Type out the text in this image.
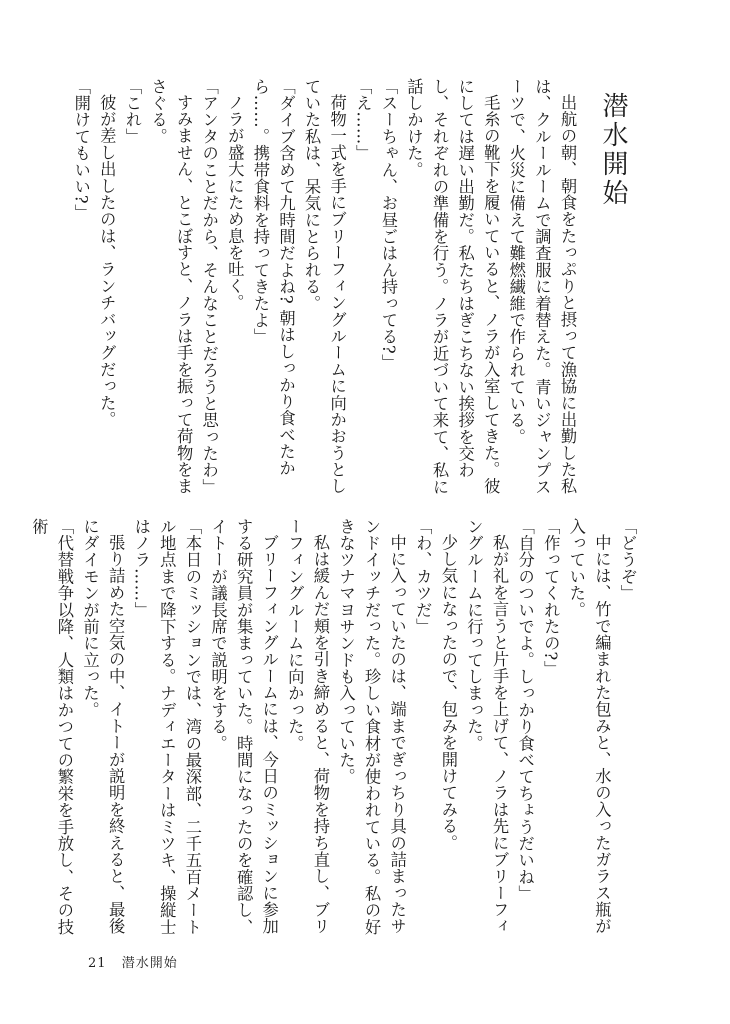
潜水開始

出航の朝、朝食をたっぷりと摂って漁協に出勤した私は、クルールームで調査服に着替えた。青いジャンプスーツで、火災に備えて難燃繊維で作られている。

毛糸の靴下を履いていると、ノラが入室してきた。彼にしては遅い出勤だ。私たちはぎこちない挨拶を交わし、それぞれの準備を行う。ノラが近づいて来て、私に話しかけた。

「スーちゃん、お昼ごはん持ってる?」

「え……」

荷物一式を手にブリーフィングルームに向かおうとしていた私は、呆気にとられる。

「ダイブ含めて九時間だよね? 朝はしっかり食べたから……。携帯食料を持ってきたよ」

ノラが盛大にため息を吐く。

「アンタのことだから、そんなことだろうと思ったわ」

すみません、とこぼすと、ノラは手を振って荷物をまさぐる。

「これ」

彼が差し出したのは、ランチバッグだった。

「開けてもいい?」

「どうぞ」

中には、竹で編まれた包みと、水の入ったガラス瓶が入っていた。

「作ってくれたの?」

「自分のついでよ。しっかり食べてちょうだいね」

私が礼を言うと片手を上げて、ノラは先にブリーフィングルームに行ってしまった。

少し気になったので、包みを開けてみる。

「わ、カツだ」

中に入っていたのは、端までぎっちり具の詰まったサンドイッチだった。珍しい食材が使われている。私の好きなツナマヨサンドも入っていた。

私は緩んだ頬を引き締めると、荷物を持ち直し、ブリーフィングルームに向かった。

ブリーフィングルームには、今日のミッションに参加する研究員が集まっていた。時間になったのを確認し、イトーが議長席で説明をする。

「本日のミッションでは、湾の最深部、二千五百メートル地点まで降下する。ナディエーターはミツキ、操縦士はノラ……」

張り詰めた空気の中、イトーが説明を終えると、最後にダイモンが前に立った。

「代替戦争以降、人類はかつての繁栄を手放し、その技術

21 潜水開始
